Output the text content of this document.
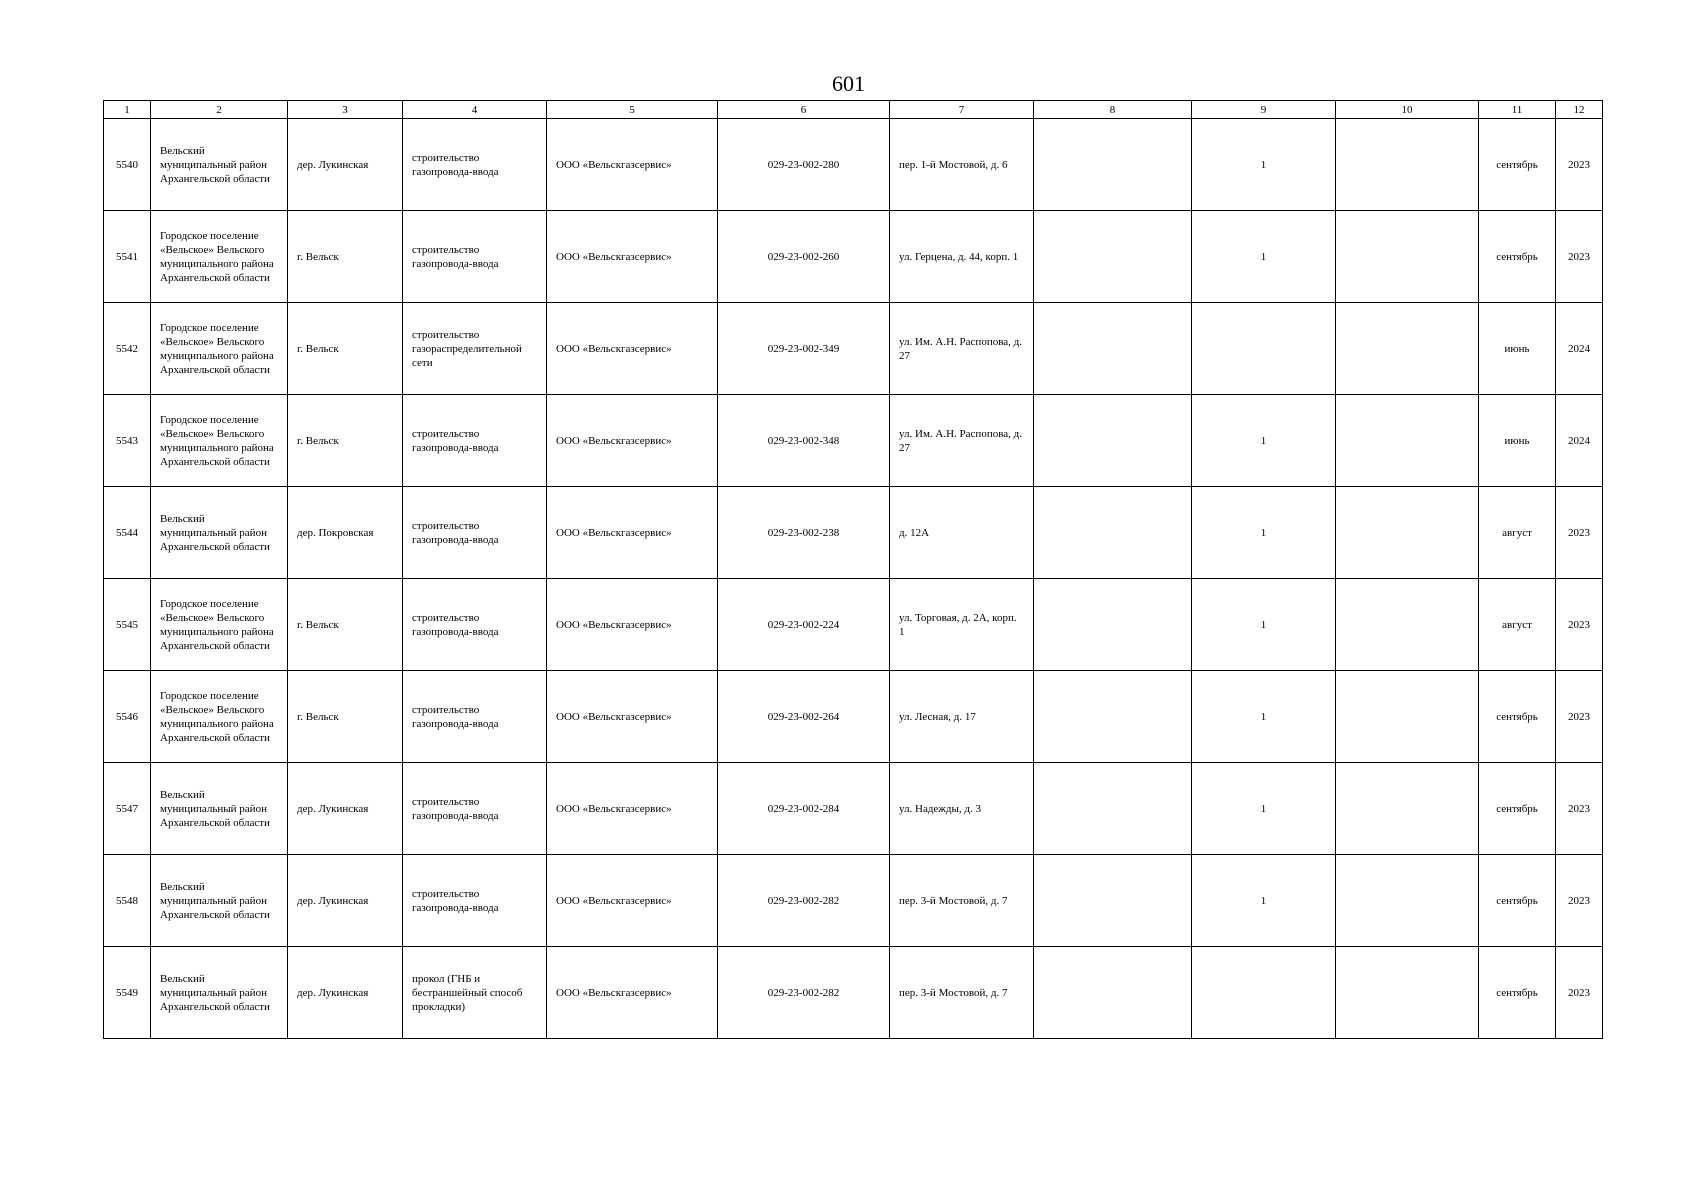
601
1	2	3	4	5	6	7	8	9	10	11	12
5540	Вельский муниципальный район Архангельской области	дер. Лукинская	строительство газопровода-ввода	ООО «Вельскгазсервис»	029-23-002-280	пер. 1-й Мостовой, д. 6		1		сентябрь	2023
5541	Городское поселение «Вельское» Вельского муниципального района Архангельской области	г. Вельск	строительство газопровода-ввода	ООО «Вельскгазсервис»	029-23-002-260	ул. Герцена, д. 44, корп. 1		1		сентябрь	2023
5542	Городское поселение «Вельское» Вельского муниципального района Архангельской области	г. Вельск	строительство газораспределительной сети	ООО «Вельскгазсервис»	029-23-002-349	ул. Им. А.Н. Распопова, д. 27				июнь	2024
5543	Городское поселение «Вельское» Вельского муниципального района Архангельской области	г. Вельск	строительство газопровода-ввода	ООО «Вельскгазсервис»	029-23-002-348	ул. Им. А.Н. Распопова, д. 27		1		июнь	2024
5544	Вельский муниципальный район Архангельской области	дер. Покровская	строительство газопровода-ввода	ООО «Вельскгазсервис»	029-23-002-238	д. 12А		1		август	2023
5545	Городское поселение «Вельское» Вельского муниципального района Архангельской области	г. Вельск	строительство газопровода-ввода	ООО «Вельскгазсервис»	029-23-002-224	ул. Торговая, д. 2А, корп. 1		1		август	2023
5546	Городское поселение «Вельское» Вельского муниципального района Архангельской области	г. Вельск	строительство газопровода-ввода	ООО «Вельскгазсервис»	029-23-002-264	ул. Лесная, д. 17		1		сентябрь	2023
5547	Вельский муниципальный район Архангельской области	дер. Лукинская	строительство газопровода-ввода	ООО «Вельскгазсервис»	029-23-002-284	ул. Надежды, д. 3		1		сентябрь	2023
5548	Вельский муниципальный район Архангельской области	дер. Лукинская	строительство газопровода-ввода	ООО «Вельскгазсервис»	029-23-002-282	пер. 3-й Мостовой, д. 7		1		сентябрь	2023
5549	Вельский муниципальный район Архангельской области	дер. Лукинская	прокол (ГНБ и бестраншейный способ прокладки)	ООО «Вельскгазсервис»	029-23-002-282	пер. 3-й Мостовой, д. 7				сентябрь	2023
